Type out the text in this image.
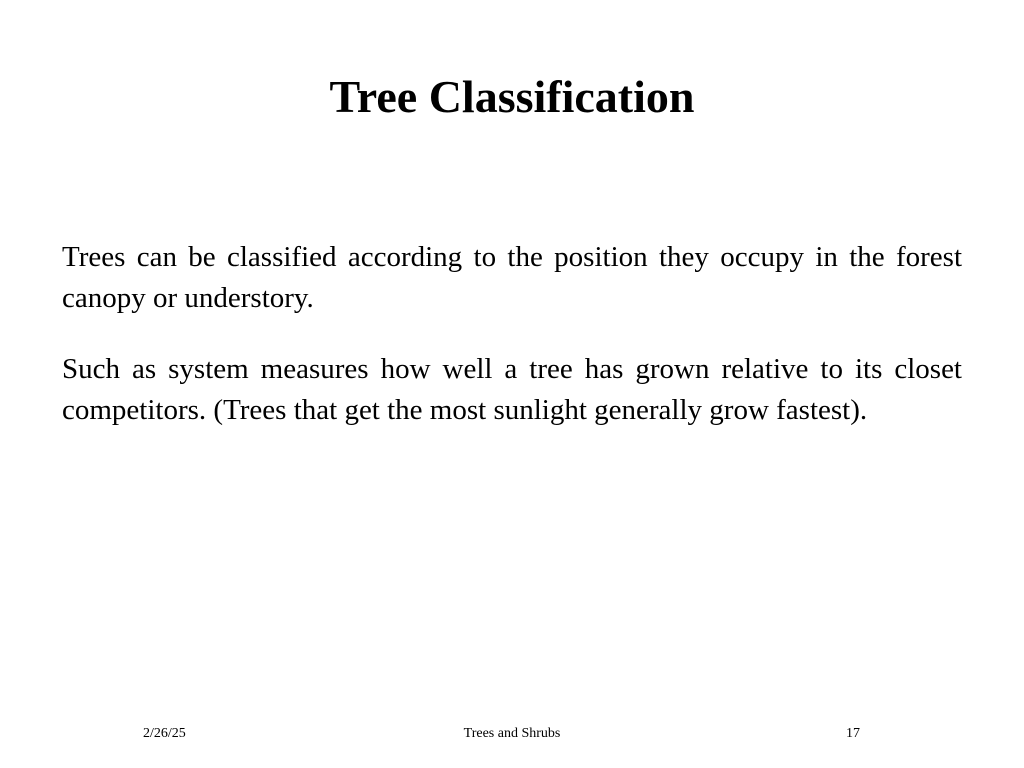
Tree Classification

Trees can be classified according to the position they occupy in the forest canopy or understory.

Such as system measures how well a tree has grown relative to its closet competitors. (Trees that get the most sunlight generally grow fastest).

2/26/25	Trees and Shrubs	17
